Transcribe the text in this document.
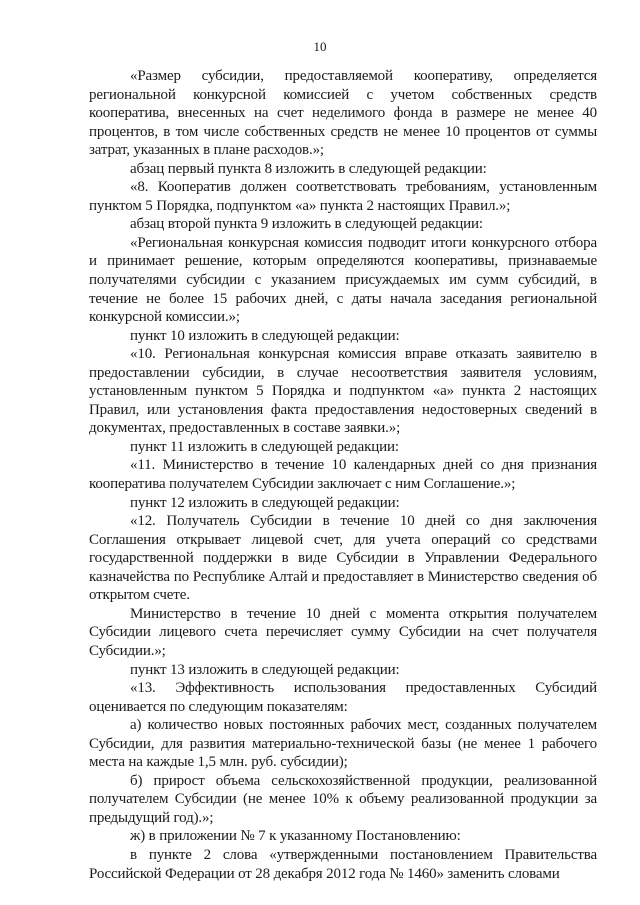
10

«Размер субсидии, предоставляемой кооперативу, определяется региональной конкурсной комиссией с учетом собственных средств кооператива, внесенных на счет неделимого фонда в размере не менее 40 процентов, в том числе собственных средств не менее 10 процентов от суммы затрат, указанных в плане расходов.»;

абзац первый пункта 8 изложить в следующей редакции:

«8. Кооператив должен соответствовать требованиям, установленным пунктом 5 Порядка, подпунктом «а» пункта 2 настоящих Правил.»;

абзац второй пункта 9 изложить в следующей редакции:

«Региональная конкурсная комиссия подводит итоги конкурсного отбора и принимает решение, которым определяются кооперативы, признаваемые получателями субсидии с указанием присуждаемых им сумм субсидий, в течение не более 15 рабочих дней, с даты начала заседания региональной конкурсной комиссии.»;

пункт 10 изложить в следующей редакции:

«10. Региональная конкурсная комиссия вправе отказать заявителю в предоставлении субсидии, в случае несоответствия заявителя условиям, установленным пунктом 5 Порядка и подпунктом «а» пункта 2 настоящих Правил, или установления факта предоставления недостоверных сведений в документах, предоставленных в составе заявки.»;

пункт 11 изложить в следующей редакции:

«11. Министерство в течение 10 календарных дней со дня признания кооператива получателем Субсидии заключает с ним Соглашение.»;

пункт 12 изложить в следующей редакции:

«12. Получатель Субсидии в течение 10 дней со дня заключения Соглашения открывает лицевой счет, для учета операций со средствами государственной поддержки в виде Субсидии в Управлении Федерального казначейства по Республике Алтай и предоставляет в Министерство сведения об открытом счете.

Министерство в течение 10 дней с момента открытия получателем Субсидии лицевого счета перечисляет сумму Субсидии на счет получателя Субсидии.»;

пункт 13 изложить в следующей редакции:

«13. Эффективность использования предоставленных Субсидий оценивается по следующим показателям:

а) количество новых постоянных рабочих мест, созданных получателем Субсидии, для развития материально-технической базы (не менее 1 рабочего места на каждые 1,5 млн. руб. субсидии);

б) прирост объема сельскохозяйственной продукции, реализованной получателем Субсидии (не менее 10% к объему реализованной продукции за предыдущий год).»;

ж) в приложении № 7 к указанному Постановлению:

в пункте 2 слова «утвержденными постановлением Правительства Российской Федерации от 28 декабря 2012 года № 1460» заменить словами
